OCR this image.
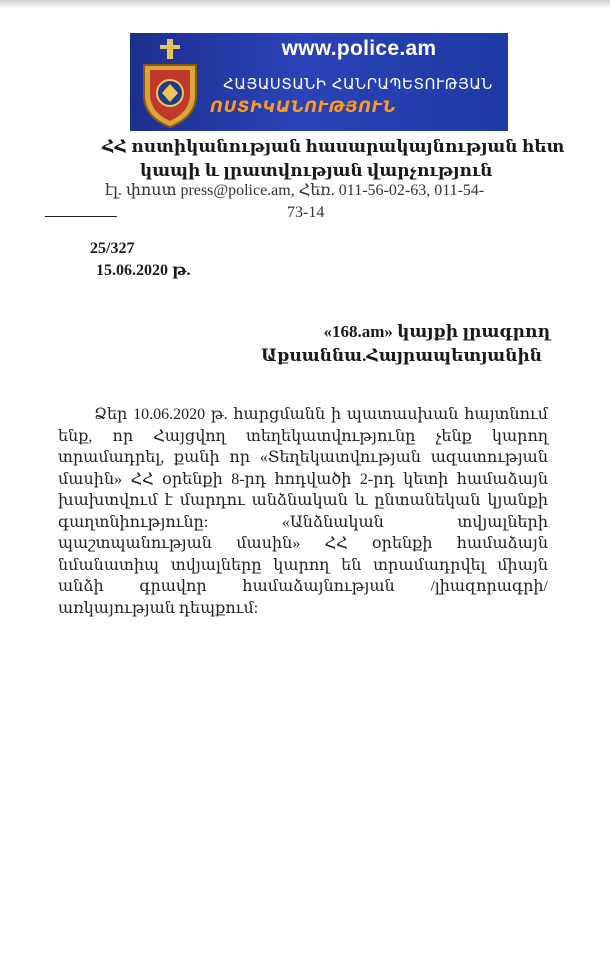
www.police.am
ՀԱՅԱՍՏԱՆԻ ՀԱՆՐԱՊԵՏՈՒԹՅԱՆ
ՈՍՏԻԿԱՆՈՒԹՅՈՒՆ
ՀՀ ոստիկանության հասարակայնության հետ
կապի և լրատվության վարչություն
էլ. փոստ press@police.am, Հեռ. 011-56-02-63, 011-54-
73-14
25/327
15.06.2020 թ.
«168.am» կայքի լրագրող
Աքսաննա.Հայրապետյանին
Ձեր 10.06.2020 թ. հարցմանն ի պատասխան հայտնում ենք, որ Հայցվող տեղեկատվությունը չենք կարող տրամադրել, քանի որ «Տեղեկատվության ազատության մասին» ՀՀ օրենքի 8-րդ հոդվածի 2-րդ կետի համաձայն խախտվում է մարդու անձնական և ընտանեկան կյանքի գաղտնիությունը: «Անձնական տվյալների պաշտպանության մասին» ՀՀ օրենքի համաձայն նմանատիպ տվյալները կարող են տրամադրվել միայն անձի գրավոր համաձայնության /լիազորագրի/ առկայության դեպքում:
